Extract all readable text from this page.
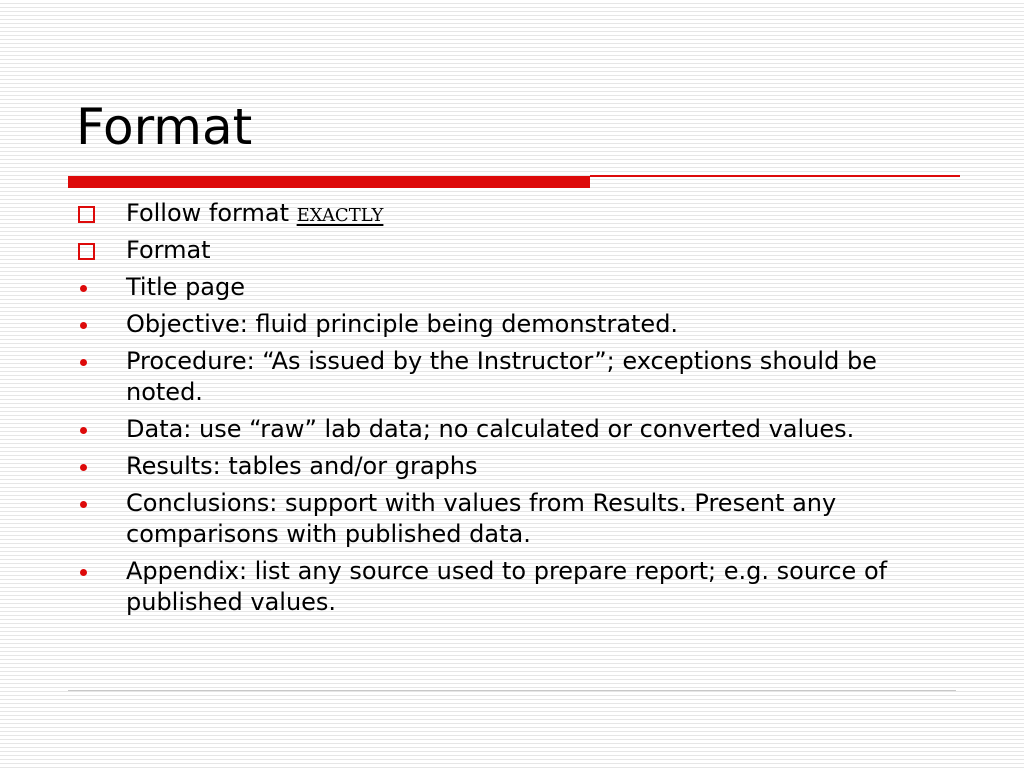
Format
Follow format exactly
Format
Title page
Objective: fluid principle being demonstrated.
Procedure: “As issued by the Instructor”; exceptions should be noted.
Data: use “raw” lab data; no calculated or converted values.
Results: tables and/or graphs
Conclusions: support with values from Results. Present any comparisons with published data.
Appendix: list any source used to prepare report; e.g. source of published values.
